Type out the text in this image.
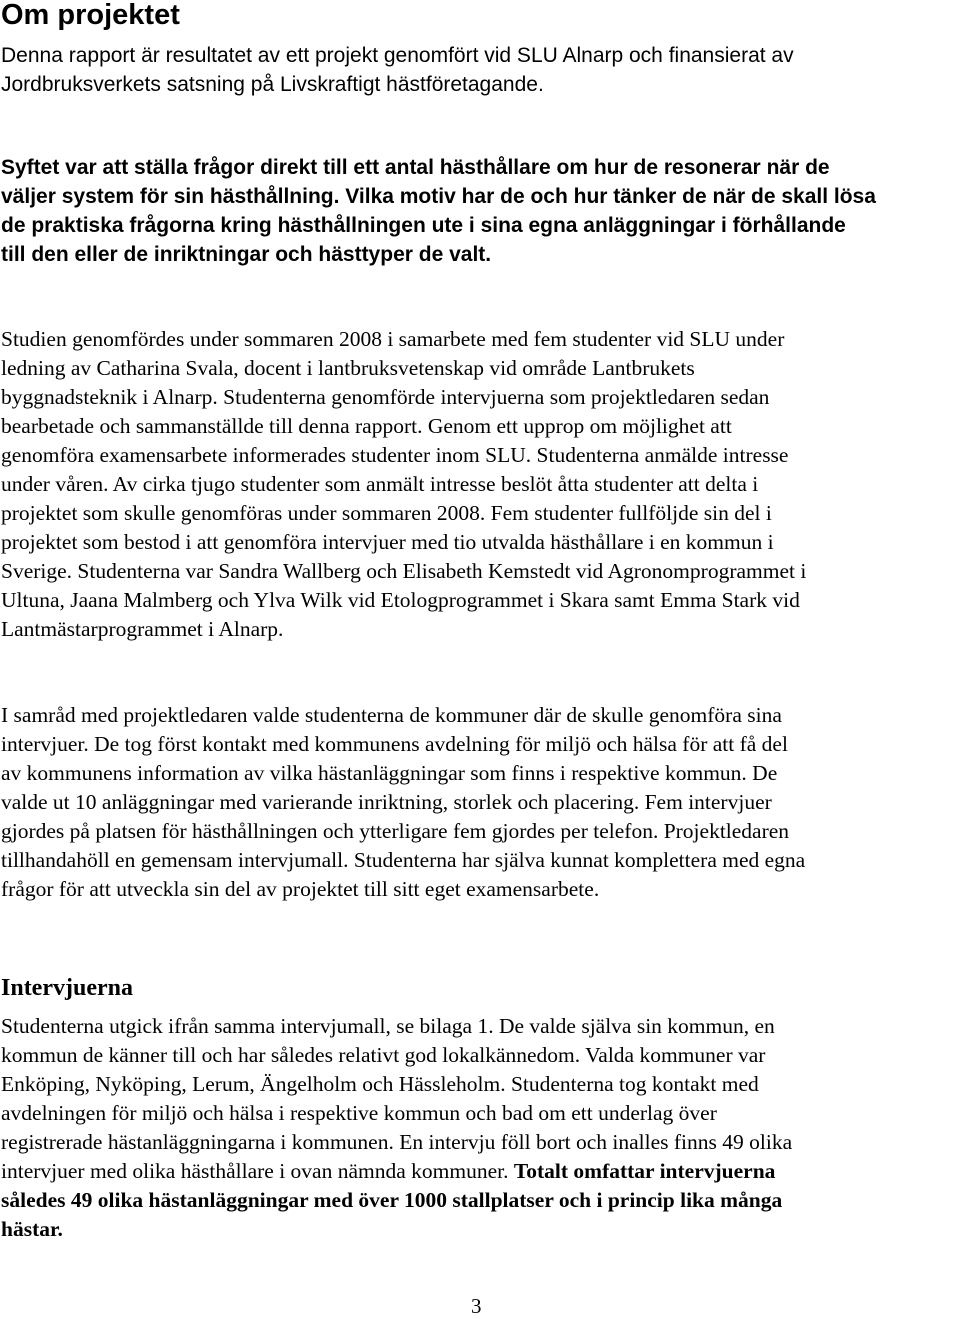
Om projektet

Denna rapport är resultatet av ett projekt genomfört vid SLU Alnarp och finansierat av
Jordbruksverkets satsning på Livskraftigt hästföretagande.

Syftet var att ställa frågor direkt till ett antal hästhållare om hur de resonerar när de
väljer system för sin hästhållning. Vilka motiv har de och hur tänker de när de skall lösa
de praktiska frågorna kring hästhållningen ute i sina egna anläggningar i förhållande
till den eller de inriktningar och hästtyper de valt.

Studien genomfördes under sommaren 2008 i samarbete med fem studenter vid SLU under
ledning av Catharina Svala, docent i lantbruksvetenskap vid område Lantbrukets
byggnadsteknik i Alnarp. Studenterna genomförde intervjuerna som projektledaren sedan
bearbetade och sammanställde till denna rapport. Genom ett upprop om möjlighet att
genomföra examensarbete informerades studenter inom SLU. Studenterna anmälde intresse
under våren. Av cirka tjugo studenter som anmält intresse beslöt åtta studenter att delta i
projektet som skulle genomföras under sommaren 2008. Fem studenter fullföljde sin del i
projektet som bestod i att genomföra intervjuer med tio utvalda hästhållare i en kommun i
Sverige. Studenterna var Sandra Wallberg och Elisabeth Kemstedt vid Agronomprogrammet i
Ultuna, Jaana Malmberg och Ylva Wilk vid Etologprogrammet i Skara samt Emma Stark vid
Lantmästarprogrammet i Alnarp.

I samråd med projektledaren valde studenterna de kommuner där de skulle genomföra sina
intervjuer. De tog först kontakt med kommunens avdelning för miljö och hälsa för att få del
av kommunens information av vilka hästanläggningar som finns i respektive kommun. De
valde ut 10 anläggningar med varierande inriktning, storlek och placering. Fem intervjuer
gjordes på platsen för hästhållningen och ytterligare fem gjordes per telefon. Projektledaren
tillhandahöll en gemensam intervjumall. Studenterna har själva kunnat komplettera med egna
frågor för att utveckla sin del av projektet till sitt eget examensarbete.

Intervjuerna

Studenterna utgick ifrån samma intervjumall, se bilaga 1. De valde själva sin kommun, en
kommun de känner till och har således relativt god lokalkännedom. Valda kommuner var
Enköping, Nyköping, Lerum, Ängelholm och Hässleholm. Studenterna tog kontakt med
avdelningen för miljö och hälsa i respektive kommun och bad om ett underlag över
registrerade hästanläggningarna i kommunen. En intervju föll bort och inalles finns 49 olika
intervjuer med olika hästhållare i ovan nämnda kommuner. Totalt omfattar intervjuerna
således 49 olika hästanläggningar med över 1000 stallplatser och i princip lika många
hästar.

3
